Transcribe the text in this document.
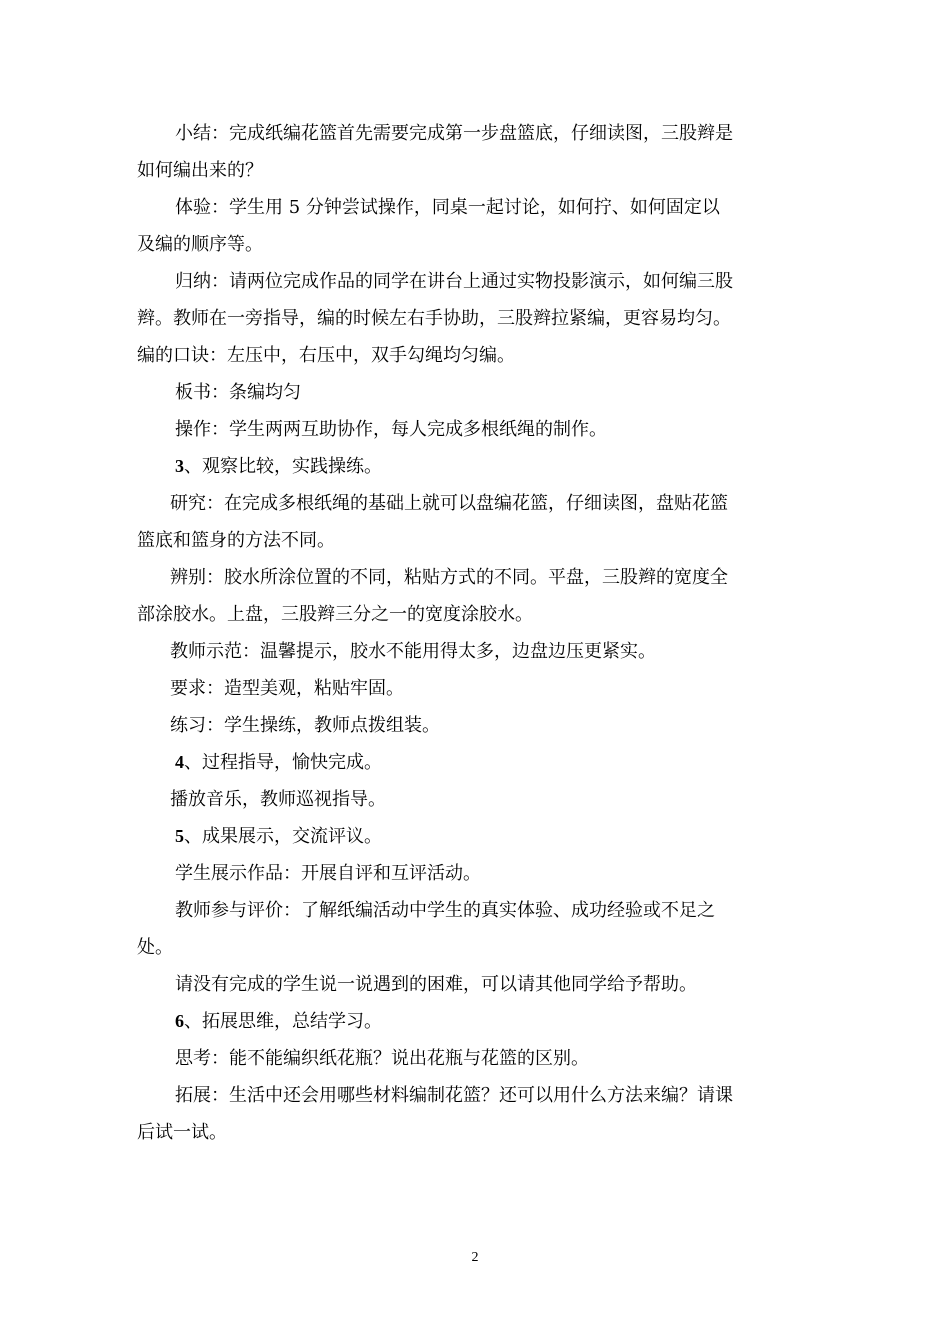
小结：完成纸编花篮首先需要完成第一步盘篮底，仔细读图，三股辫是如何编出来的？

体验：学生用 5 分钟尝试操作，同桌一起讨论，如何拧、如何固定以及编的顺序等。

归纳：请两位完成作品的同学在讲台上通过实物投影演示，如何编三股辫。教师在一旁指导，编的时候左右手协助，三股辫拉紧编，更容易均匀。编的口诀：左压中，右压中，双手勾绳均匀编。

板书：条编均匀

操作：学生两两互助协作，每人完成多根纸绳的制作。

3、观察比较，实践操练。

研究：在完成多根纸绳的基础上就可以盘编花篮，仔细读图，盘贴花篮篮底和篮身的方法不同。

辨别：胶水所涂位置的不同，粘贴方式的不同。平盘，三股辫的宽度全部涂胶水。上盘，三股辫三分之一的宽度涂胶水。

教师示范：温馨提示，胶水不能用得太多，边盘边压更紧实。

要求：造型美观，粘贴牢固。

练习：学生操练，教师点拨组装。

4、过程指导，愉快完成。

播放音乐，教师巡视指导。

5、成果展示，交流评议。

学生展示作品：开展自评和互评活动。

教师参与评价：了解纸编活动中学生的真实体验、成功经验或不足之处。

请没有完成的学生说一说遇到的困难，可以请其他同学给予帮助。

6、拓展思维，总结学习。

思考：能不能编织纸花瓶？说出花瓶与花篮的区别。

拓展：生活中还会用哪些材料编制花篮？还可以用什么方法来编？请课后试一试。

2
